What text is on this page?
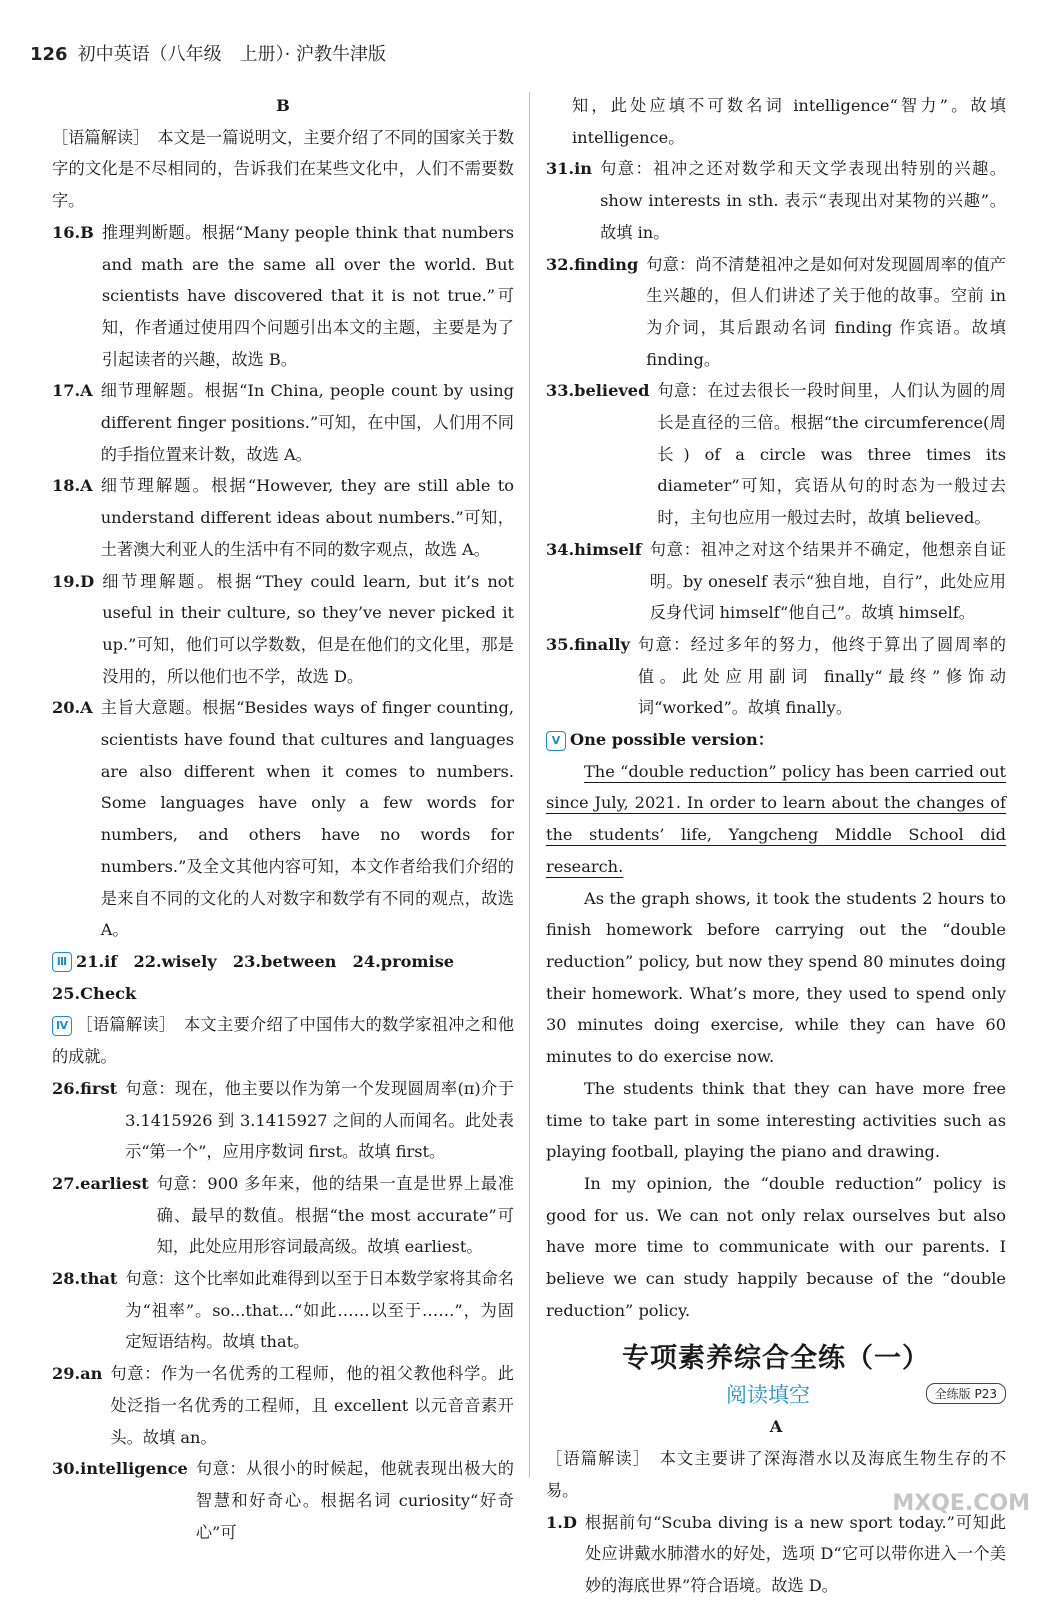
126 初中英语（八年级　上册）· 沪教牛津版

B

［语篇解读］　 本文是一篇说明文，主要介绍了不同的国家关于数字的文化是不尽相同的，告诉我们在某些文化中，人们不需要数字。

16.B 推理判断题。根据“Many people think that numbers and math are the same all over the world. But scientists have discovered that it is not true.”可知，作者通过使用四个问题引出本文的主题，主要是为了引起读者的兴趣，故选 B。
17.A 细节理解题。根据“In China, people count by using different finger positions.”可知，在中国，人们用不同的手指位置来计数，故选 A。
18.A 细节理解题。根据“However, they are still able to understand different ideas about numbers.”可知，土著澳大利亚人的生活中有不同的数字观点，故选 A。
19.D 细节理解题。根据“They could learn, but it’s not useful in their culture, so they’ve never picked it up.”可知，他们可以学数数，但是在他们的文化里，那是没用的，所以他们也不学，故选 D。
20.A 主旨大意题。根据“Besides ways of finger counting, scientists have found that cultures and languages are also different when it comes to numbers. Some languages have only a few words for numbers, and others have no words for numbers.”及全文其他内容可知，本文作者给我们介绍的是来自不同的文化的人对数字和数学有不同的观点，故选 A。

Ⅲ 21.if　22.wisely　23.between　24.promise

25.Check

Ⅳ ［语篇解读］　 本文主要介绍了中国伟大的数学家祖冲之和他的成就。

26.first 句意：现在，他主要以作为第一个发现圆周率(π)介于 3.1415926 到 3.1415927 之间的人而闻名。此处表示“第一个”，应用序数词 first。故填 first。
27.earliest 句意：900 多年来，他的结果一直是世界上最准确、最早的数值。根据“the most accurate”可知，此处应用形容词最高级。故填 earliest。
28.that 句意：这个比率如此难得到以至于日本数学家将其命名为“祖率”。so...that...“如此……以至于……”，为固定短语结构。故填 that。
29.an 句意：作为一名优秀的工程师，他的祖父教他科学。此处泛指一名优秀的工程师，且 excellent 以元音音素开头。故填 an。
30.intelligence 句意：从很小的时候起，他就表现出极大的智慧和好奇心。根据名词 curiosity“好奇心”可

知，此处应填不可数名词 intelligence“智力”。故填 intelligence。

31.in 句意：祖冲之还对数学和天文学表现出特别的兴趣。show interests in sth. 表示“表现出对某物的兴趣”。故填 in。
32.finding 句意：尚不清楚祖冲之是如何对发现圆周率的值产生兴趣的，但人们讲述了关于他的故事。空前 in 为介词，其后跟动名词 finding 作宾语。故填 finding。
33.believed 句意：在过去很长一段时间里，人们认为圆的周长是直径的三倍。根据“the circumference(周长) of a circle was three times its diameter”可知，宾语从句的时态为一般过去时，主句也应用一般过去时，故填 believed。
34.himself 句意：祖冲之对这个结果并不确定，他想亲自证明。by oneself 表示“独自地，自行”，此处应用反身代词 himself“他自己”。故填 himself。
35.finally 句意：经过多年的努力，他终于算出了圆周率的值。此处应用副词 finally“最终”修饰动词“worked”。故填 finally。

Ⅴ One possible version：

The “double reduction” policy has been carried out since July, 2021. In order to learn about the changes of the students’ life, Yangcheng Middle School did research.

As the graph shows, it took the students 2 hours to finish homework before carrying out the “double reduction” policy, but now they spend 80 minutes doing their homework. What’s more, they used to spend only 30 minutes doing exercise, while they can have 60 minutes to do exercise now.

The students think that they can have more free time to take part in some interesting activities such as playing football, playing the piano and drawing.

In my opinion, the “double reduction” policy is good for us. We can not only relax ourselves but also have more time to communicate with our parents. I believe we can study happily because of the “double reduction” policy.

专项素养综合全练（一）
阅读填空	全练版 P23

A

［语篇解读］　 本文主要讲了深海潜水以及海底生物生存的不易。

1.D 根据前句“Scuba diving is a new sport today.”可知此处应讲戴水肺潜水的好处，选项 D“它可以带你进入一个美妙的海底世界”符合语境。故选 D。
MXQE.COM
